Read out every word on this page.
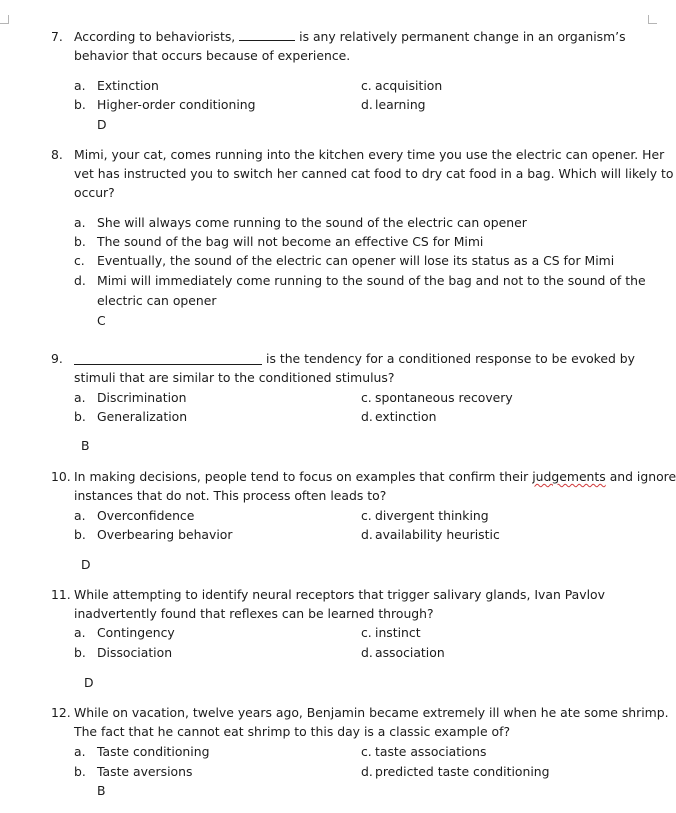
7. According to behaviorists,	is any relatively permanent change in an organism’s
behavior that occurs because of experience.
a. Extinction
b. Higher-order conditioning
c. acquisition
d. learning
D
8. Mimi, your cat, comes running into the kitchen every time you use the electric can opener. Her
vet has instructed you to switch her canned cat food to dry cat food in a bag. Which will likely to
occur?
a. She will always come running to the sound of the electric can opener
b. The sound of the bag will not become an effective CS for Mimi
c. Eventually, the sound of the electric can opener will lose its status as a CS for Mimi
d. Mimi will immediately come running to the sound of the bag and not to the sound of the
electric can opener
C
9.	is the tendency for a conditioned response to be evoked by
stimuli that are similar to the conditioned stimulus?
a. Discrimination
b. Generalization
c. spontaneous recovery
d. extinction
B
10. In making decisions, people tend to focus on examples that confirm their judgements and ignore
instances that do not. This process often leads to?
a. Overconfidence
b. Overbearing behavior
c. divergent thinking
d. availability heuristic
D
11. While attempting to identify neural receptors that trigger salivary glands, Ivan Pavlov
inadvertently found that reflexes can be learned through?
a. Contingency
b. Dissociation
c. instinct
d. association
D
12. While on vacation, twelve years ago, Benjamin became extremely ill when he ate some shrimp.
The fact that he cannot eat shrimp to this day is a classic example of?
a. Taste conditioning
b. Taste aversions
c. taste associations
d. predicted taste conditioning
B
